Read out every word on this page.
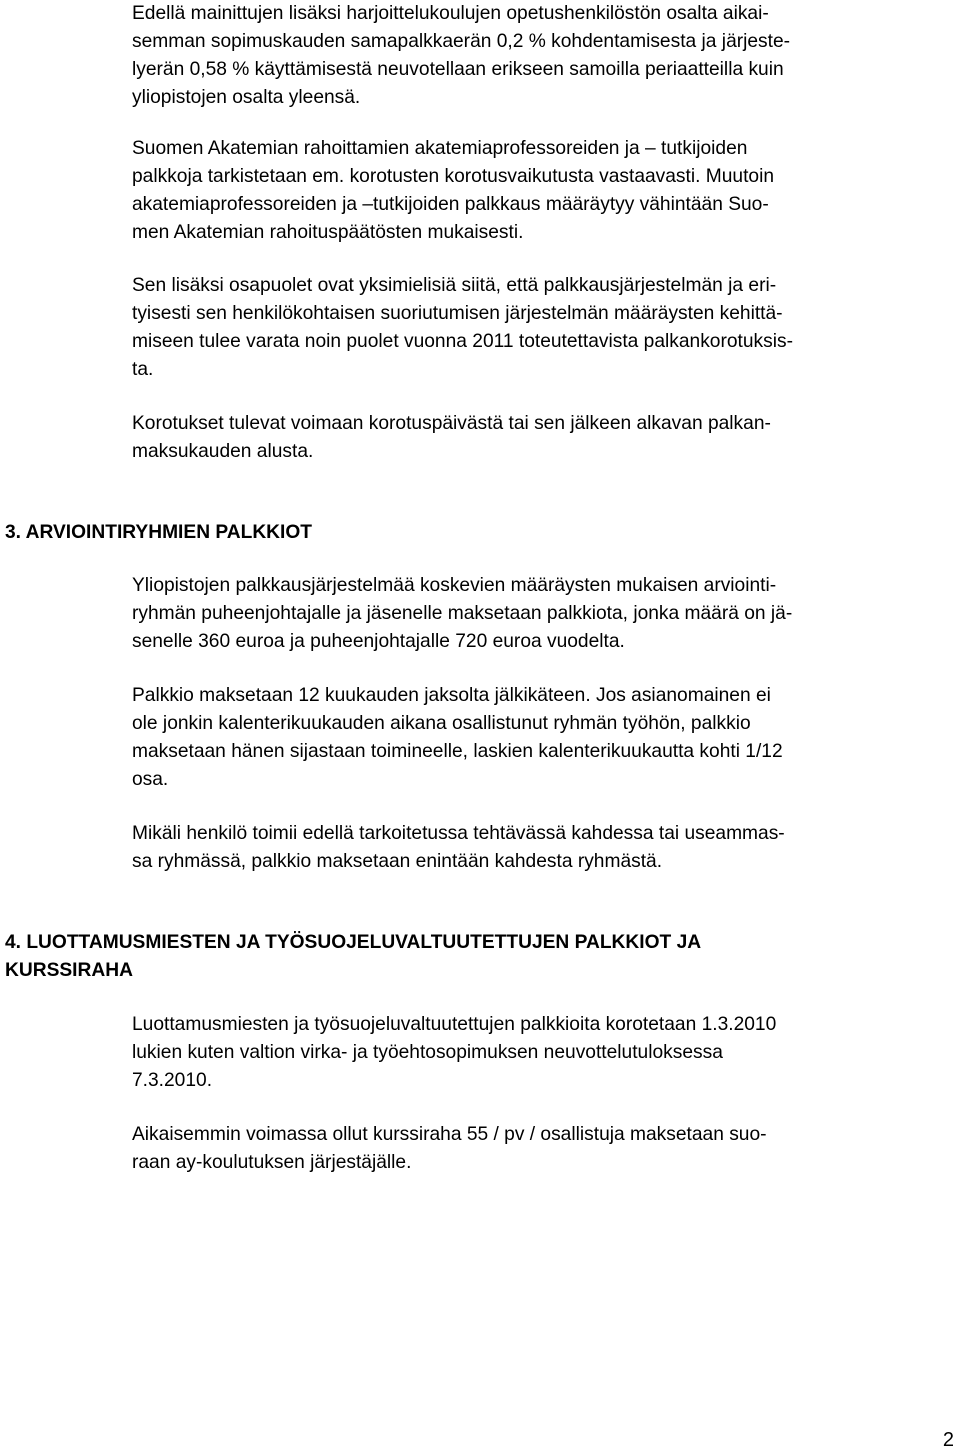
Edellä mainittujen lisäksi harjoittelukoulujen opetushenkilöstön osalta aikai-
semman sopimuskauden samapalkkaerän 0,2 % kohdentamisesta ja järjeste-
lyerän 0,58 % käyttämisestä neuvotellaan erikseen samoilla periaatteilla kuin
yliopistojen osalta yleensä.
Suomen Akatemian rahoittamien akatemiaprofessoreiden ja – tutkijoiden
palkkoja tarkistetaan em. korotusten korotusvaikutusta vastaavasti. Muutoin
akatemiaprofessoreiden ja –tutkijoiden palkkaus määräytyy vähintään Suo-
men Akatemian rahoituspäätösten mukaisesti.
Sen lisäksi osapuolet ovat yksimielisiä siitä, että palkkausjärjestelmän ja eri-
tyisesti sen henkilökohtaisen suoriutumisen järjestelmän määräysten kehittä-
miseen tulee varata noin puolet vuonna 2011 toteutettavista palkankorotuksis-
ta.
Korotukset tulevat voimaan korotuspäivästä tai sen jälkeen alkavan palkan-
maksukauden alusta.
3. ARVIOINTIRYHMIEN PALKKIOT
Yliopistojen palkkausjärjestelmää koskevien määräysten mukaisen arviointi-
ryhmän puheenjohtajalle ja jäsenelle maksetaan palkkiota, jonka määrä on jä-
senelle 360 euroa ja puheenjohtajalle 720 euroa vuodelta.
Palkkio maksetaan 12 kuukauden jaksolta jälkikäteen. Jos asianomainen ei
ole jonkin kalenterikuukauden aikana osallistunut ryhmän työhön, palkkio
maksetaan hänen sijastaan toimineelle, laskien kalenterikuukautta kohti 1/12
osa.
Mikäli henkilö toimii edellä tarkoitetussa tehtävässä kahdessa tai useammas-
sa ryhmässä, palkkio maksetaan enintään kahdesta ryhmästä.
4. LUOTTAMUSMIESTEN JA TYÖSUOJELUVALTUUTETTUJEN PALKKIOT JA
KURSSIRAHA
Luottamusmiesten ja työsuojeluvaltuutettujen palkkioita korotetaan 1.3.2010
lukien kuten valtion virka- ja työehtosopimuksen neuvottelutuloksessa
7.3.2010.
Aikaisemmin voimassa ollut kurssiraha 55 / pv / osallistuja maksetaan suo-
raan ay-koulutuksen järjestäjälle.
2
